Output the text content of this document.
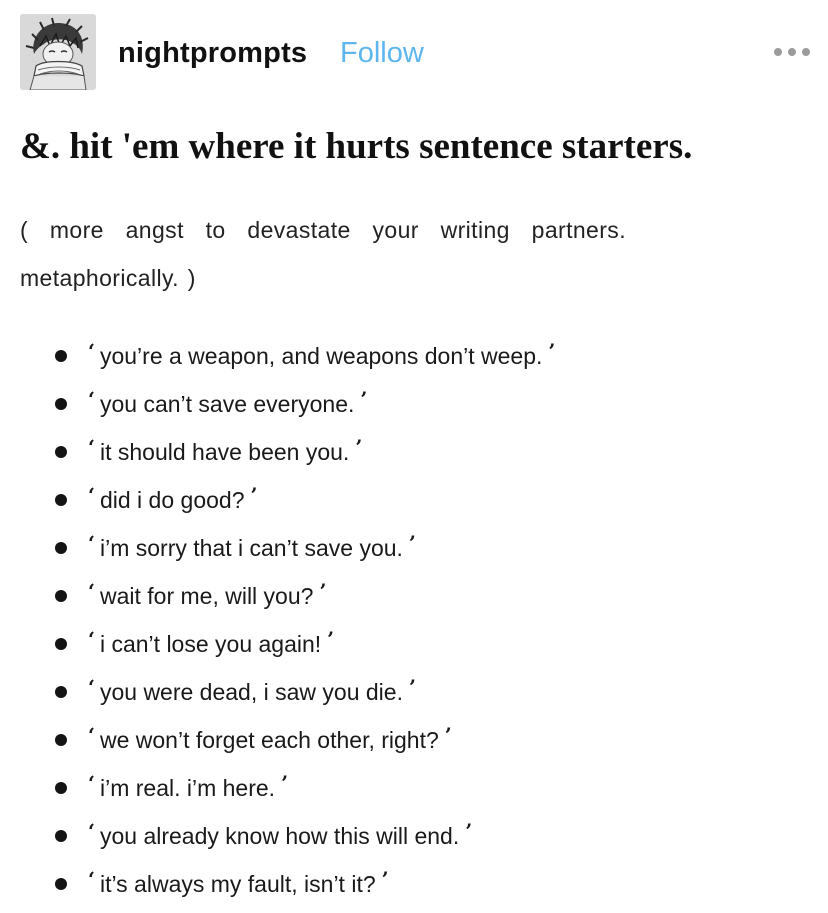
nightprompts Follow
&. hit 'em where it hurts sentence starters.

( more angst to devastate your writing partners. metaphorically. )

‘ you’re a weapon, and weapons don’t weep. ’
‘ you can’t save everyone. ’
‘ it should have been you. ’
‘ did i do good? ’
‘ i’m sorry that i can’t save you. ’
‘ wait for me, will you? ’
‘ i can’t lose you again! ’
‘ you were dead, i saw you die. ’
‘ we won’t forget each other, right? ’
‘ i’m real. i’m here. ’
‘ you already know how this will end. ’
‘ it’s always my fault, isn’t it? ’
